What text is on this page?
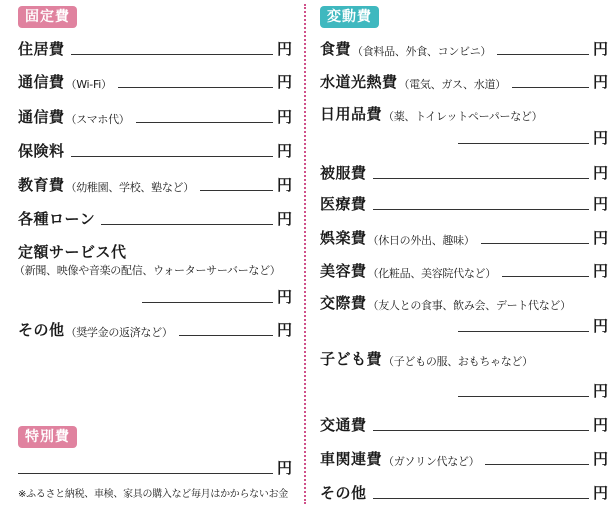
固定費
住居費	円
通信費 （Wi-Fi）	円
通信費 （スマホ代）	円
保険料	円
教育費 （幼稚園、学校、塾など）	円
各種ローン	円
定額サービス代
（新聞、映像や音楽の配信、ウォーターサーバーなど）
円
その他 （奨学金の返済など）	円
特別費
円
※ふるさと納税、車検、家具の購入など毎月はかからないお金
変動費
食費 （食料品、外食、コンビニ）	円
水道光熱費 （電気、ガス、水道）	円
日用品費 （薬、トイレットペーパーなど）
円
被服費	円
医療費	円
娯楽費 （休日の外出、趣味）	円
美容費 （化粧品、美容院代など）	円
交際費 （友人との食事、飲み会、デート代など）
円
子ども費 （子どもの服、おもちゃなど）
円
交通費	円
車関連費 （ガソリン代など）	円
その他	円
